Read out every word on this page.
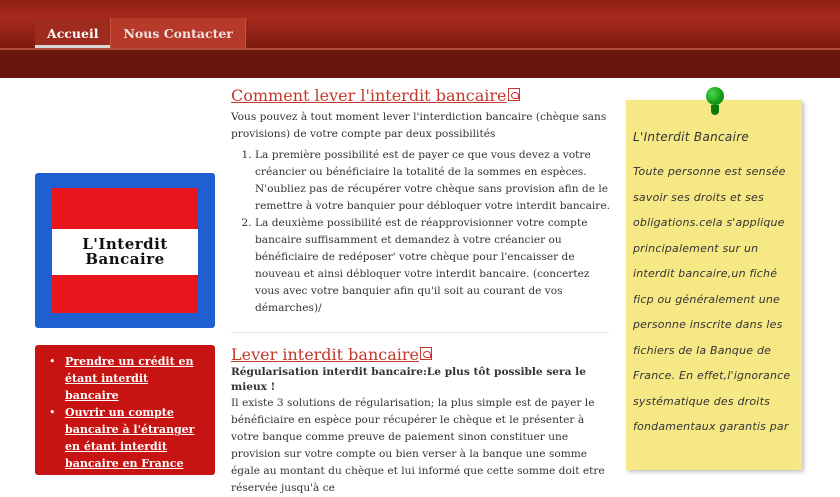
Accueil	Nous Contacter
L'Interdit
Bancaire
• Prendre un crédit en étant interdit bancaire
• Ouvrir un compte bancaire à l'étranger en étant interdit bancaire en France
Comment lever l'interdit bancaire

Vous pouvez à tout moment lever l'interdiction bancaire (chèque sans provisions) de votre compte par deux possibilités

1. La première possibilité est de payer ce que vous devez a votre créancier ou bénéficiaire la totalité de la sommes en espèces. N'oubliez pas de récupérer votre chèque sans provision afin de le remettre à votre banquier pour débloquer votre interdit bancaire.
2. La deuxième possibilité est de réapprovisionner votre compte bancaire suffisamment et demandez à votre créancier ou bénéficiaire de redéposer' votre chèque pour l'encaisser de nouveau et ainsi débloquer votre interdit bancaire. (concertez vous avec votre banquier afin qu'il soit au courant de vos démarches)/
Lever interdit bancaire

Régularisation interdit bancaire:Le plus tôt possible sera le mieux !

Il existe 3 solutions de régularisation; la plus simple est de payer le bénéficiaire en espèce pour récupérer le chèque et le présenter à votre banque comme preuve de paiement sinon constituer une provision sur votre compte ou bien verser à la banque une somme égale au montant du chèque et lui informé que cette somme doit etre réservée jusqu'à ce

L'Interdit Bancaire
Toute personne est sensée savoir ses droits et ses obligations.cela s'applique principalement sur un interdit bancaire,un fiché ficp ou généralement une personne inscrite dans les fichiers de la Banque de France. En effet,l'ignorance systématique des droits fondamentaux garantis par
